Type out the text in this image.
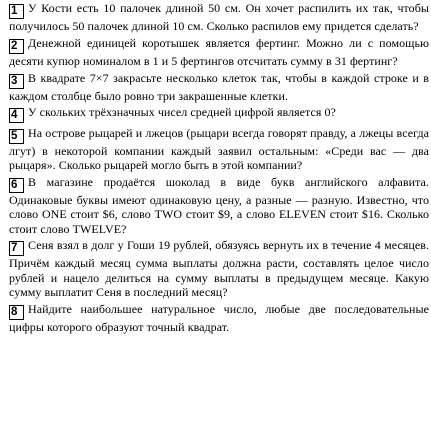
1 У Кости есть 10 палочек длиной 50 см. Он хочет распилить их так, чтобы получилось 50 палочек длиной 10 см. Сколько распилов ему придется сделать?
2 Денежной единицей коротышек является фертинг. Можно ли с помощью десяти купюр номиналом в 1 и 5 фертингов отсчитать сумму в 31 фертинг?
3 В квадрате 7×7 закрасьте несколько клеток так, чтобы в каждой строке и в каждом столбце было ровно три закрашенные клетки.
4 У скольких трёхзначных чисел средней цифрой является 0?
5 На острове рыцарей и лжецов (рыцари всегда говорят правду, а лжецы всегда лгут) в некоторой компании каждый заявил остальным: «Среди вас — два рыцаря». Сколько рыцарей могло быть в этой компании?
6 В магазине продаётся шоколад в виде букв английского алфавита. Одинаковые буквы имеют одинаковую цену, а разные — разную. Известно, что слово ONE стоит $6, слово TWO стоит $9, а слово ELEVEN стоит $16. Сколько стоит слово TWELVE?
7 Сеня взял в долг у Гоши 19 рублей, обязуясь вернуть их в течение 4 месяцев. Причём каждый месяц сумма выплаты должна расти, составлять целое число рублей и нацело делиться на сумму выплаты в предыдущем месяце. Какую сумму выплатит Сеня в последний месяц?
8 Найдите наибольшее натуральное число, любые две последовательные цифры которого образуют точный квадрат.
